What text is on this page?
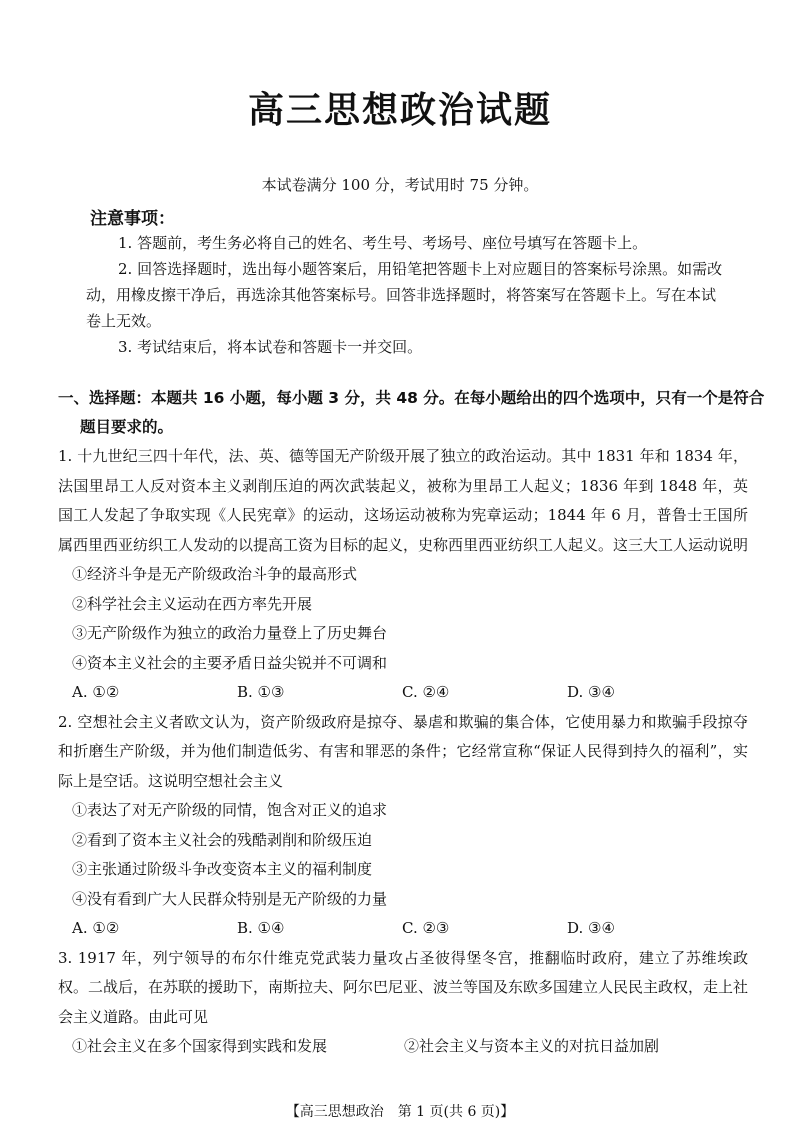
高三思想政治试题
本试卷满分 100 分，考试用时 75 分钟。
注意事项：

1. 答题前，考生务必将自己的姓名、考生号、考场号、座位号填写在答题卡上。

2. 回答选择题时，选出每小题答案后，用铅笔把答题卡上对应题目的答案标号涂黑。如需改动，用橡皮擦干净后，再选涂其他答案标号。回答非选择题时，将答案写在答题卡上。写在本试卷上无效。

3. 考试结束后，将本试卷和答题卡一并交回。

一、选择题：本题共 16 小题，每小题 3 分，共 48 分。在每小题给出的四个选项中，只有一个是符合题目要求的。

1. 十九世纪三四十年代，法、英、德等国无产阶级开展了独立的政治运动。其中 1831 年和 1834 年，法国里昂工人反对资本主义剥削压迫的两次武装起义，被称为里昂工人起义；1836 年到 1848 年，英国工人发起了争取实现《人民宪章》的运动，这场运动被称为宪章运动；1844 年 6 月，普鲁士王国所属西里西亚纺织工人发动的以提高工资为目标的起义，史称西里西亚纺织工人起义。这三大工人运动说明

①经济斗争是无产阶级政治斗争的最高形式

②科学社会主义运动在西方率先开展

③无产阶级作为独立的政治力量登上了历史舞台

④资本主义社会的主要矛盾日益尖锐并不可调和

A. ①②	B. ①③	C. ②④	D. ③④

2. 空想社会主义者欧文认为，资产阶级政府是掠夺、暴虐和欺骗的集合体，它使用暴力和欺骗手段掠夺和折磨生产阶级，并为他们制造低劣、有害和罪恶的条件；它经常宣称“保证人民得到持久的福利”，实际上是空话。这说明空想社会主义

①表达了对无产阶级的同情，饱含对正义的追求

②看到了资本主义社会的残酷剥削和阶级压迫

③主张通过阶级斗争改变资本主义的福利制度

④没有看到广大人民群众特别是无产阶级的力量

A. ①②	B. ①④	C. ②③	D. ③④

3. 1917 年，列宁领导的布尔什维克党武装力量攻占圣彼得堡冬宫，推翻临时政府，建立了苏维埃政权。二战后，在苏联的援助下，南斯拉夫、阿尔巴尼亚、波兰等国及东欧多国建立人民民主政权，走上社会主义道路。由此可见

①社会主义在多个国家得到实践和发展	②社会主义与资本主义的对抗日益加剧
【高三思想政治　第 1 页(共 6 页)】
